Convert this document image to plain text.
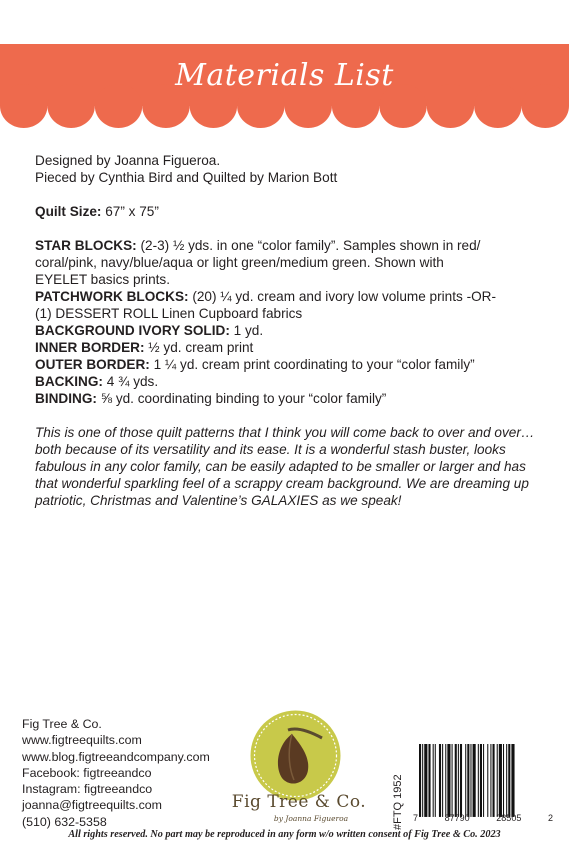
Materials List

Designed by Joanna Figueroa.

Pieced by Cynthia Bird and Quilted by Marion Bott

Quilt Size: 67” x 75”

STAR BLOCKS: (2-3) ½ yds. in one “color family”. Samples shown in red/
coral/pink, navy/blue/aqua or light green/medium green. Shown with
EYELET basics prints.

PATCHWORK BLOCKS: (20) ¼ yd. cream and ivory low volume prints -OR-
(1) DESSERT ROLL Linen Cupboard fabrics

BACKGROUND IVORY SOLID: 1 yd.

INNER BORDER: ½ yd. cream print

OUTER BORDER: 1 ¼ yd. cream print coordinating to your “color family”

BACKING: 4 ¾ yds.

BINDING: ⅝ yd. coordinating binding to your “color family”

This is one of those quilt patterns that I think you will come back to over and over… both because of its versatility and its ease. It is a wonderful stash buster, looks fabulous in any color family, can be easily adapted to be smaller or larger and has that wonderful sparkling feel of a scrappy cream background. We are dreaming up patriotic, Christmas and Valentine’s GALAXIES as we speak!

Fig Tree & Co.
www.figtreequilts.com
www.blog.figtreeandcompany.com
Facebook: figtreeandco
Instagram: figtreeandco
joanna@figtreequilts.com
(510) 632-5358
Fig Tree & Co.
by Joanna Figueroa	#FTQ 1952 7	87790	28505	2
All rights reserved. No part may be reproduced in any form w/o written consent of Fig Tree & Co. 2023
